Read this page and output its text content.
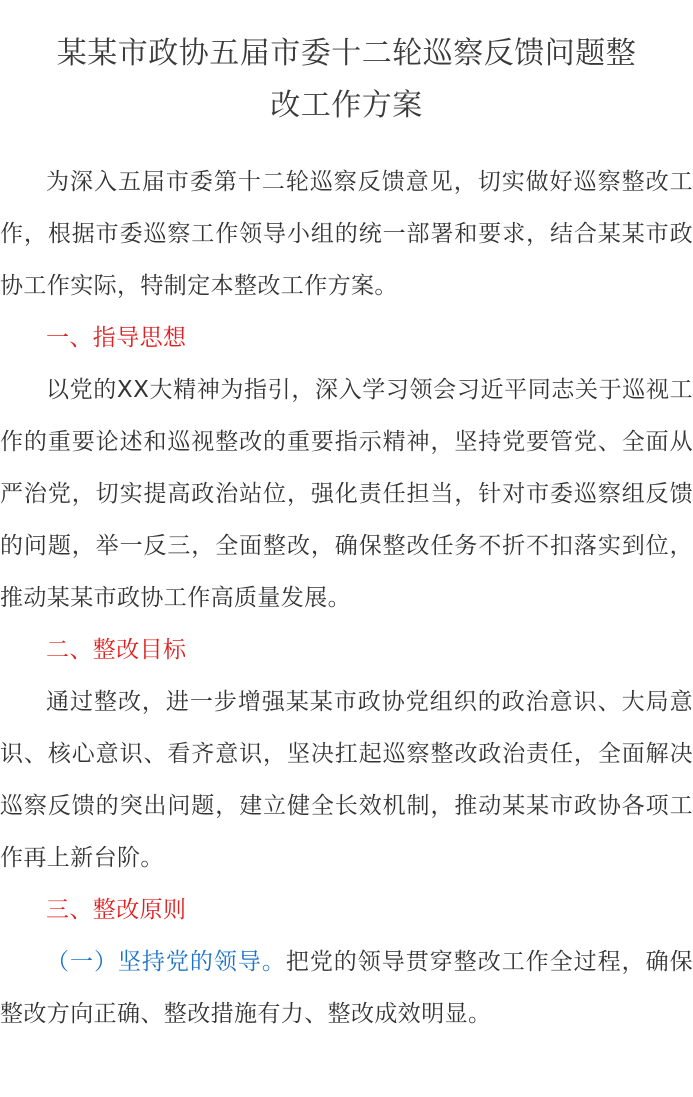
某某市政协五届市委十二轮巡察反馈问题整
改工作方案

为深入五届市委第十二轮巡察反馈意见，切实做好巡察整改工作，根据市委巡察工作领导小组的统一部署和要求，结合某某市政协工作实际，特制定本整改工作方案。

一、指导思想

以党的XX大精神为指引，深入学习领会习近平同志关于巡视工作的重要论述和巡视整改的重要指示精神，坚持党要管党、全面从严治党，切实提高政治站位，强化责任担当，针对市委巡察组反馈的问题，举一反三，全面整改，确保整改任务不折不扣落实到位，推动某某市政协工作高质量发展。

二、整改目标

通过整改，进一步增强某某市政协党组织的政治意识、大局意识、核心意识、看齐意识，坚决扛起巡察整改政治责任，全面解决巡察反馈的突出问题，建立健全长效机制，推动某某市政协各项工作再上新台阶。

三、整改原则

（一）坚持党的领导。把党的领导贯穿整改工作全过程，确保整改方向正确、整改措施有力、整改成效明显。
